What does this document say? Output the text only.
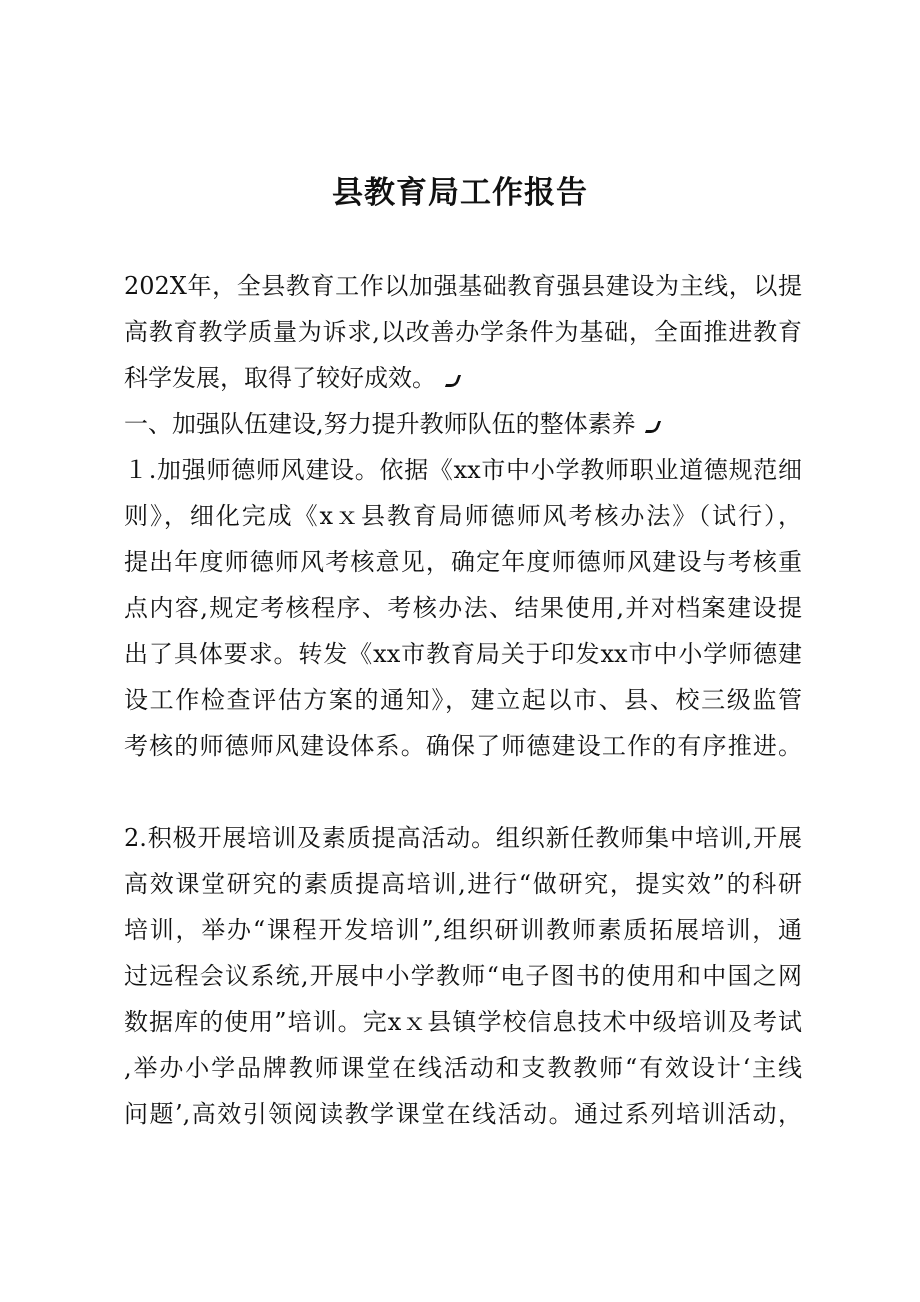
县教育局工作报告
202X年，全县教育工作以加强基础教育强县建设为主线，以提
高教育教学质量为诉求,以改善办学条件为基础，全面推进教育
科学发展，取得了较好成效。
一、加强队伍建设,努力提升教师队伍的整体素养
１.加强师德师风建设。依据《xx市中小学教师职业道德规范细
则》，细化完成《xｘ县教育局师德师风考核办法》（试行），
提出年度师德师风考核意见，确定年度师德师风建设与考核重
点内容,规定考核程序、考核办法、结果使用,并对档案建设提
出了具体要求。转发《xx市教育局关于印发xx市中小学师德建
设工作检查评估方案的通知》，建立起以市、县、校三级监管
考核的师德师风建设体系。确保了师德建设工作的有序推进。
2.积极开展培训及素质提高活动。组织新任教师集中培训,开展
高效课堂研究的素质提高培训,进行“做研究，提实效”的科研
培训，举办“课程开发培训”,组织研训教师素质拓展培训，通
过远程会议系统,开展中小学教师“电子图书的使用和中国之网
数据库的使用”培训。完xｘ县镇学校信息技术中级培训及考试
,举办小学品牌教师课堂在线活动和支教教师“有效设计‘主线
问题’,高效引领阅读教学课堂在线活动。通过系列培训活动，
